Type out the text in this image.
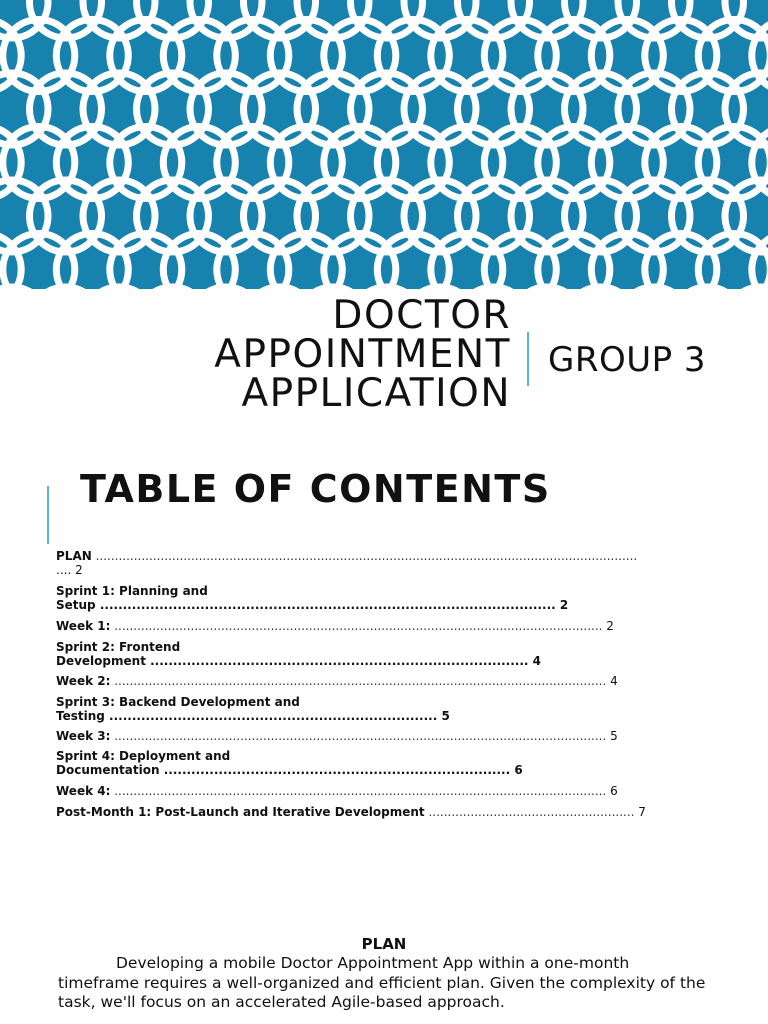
DOCTOR
APPOINTMENT
APPLICATION
GROUP 3
TABLE OF CONTENTS
PLAN ..............................................................................................................................................
.... 2
Sprint 1: Planning and
Setup .................................................................................................... 2
Week 1: ................................................................................................................................ 2
Sprint 2: Frontend
Development ................................................................................... 4
Week 2: ................................................................................................................................. 4
Sprint 3: Backend Development and
Testing ........................................................................ 5
Week 3: ................................................................................................................................. 5
Sprint 4: Deployment and
Documentation ............................................................................ 6
Week 4: ................................................................................................................................. 6
Post-Month 1: Post-Launch and Iterative Development ...................................................... 7
PLAN
Developing a mobile Doctor Appointment App within a one-month timeframe requires a well-organized and efficient plan. Given the complexity of the task, we'll focus on an accelerated Agile-based approach.
